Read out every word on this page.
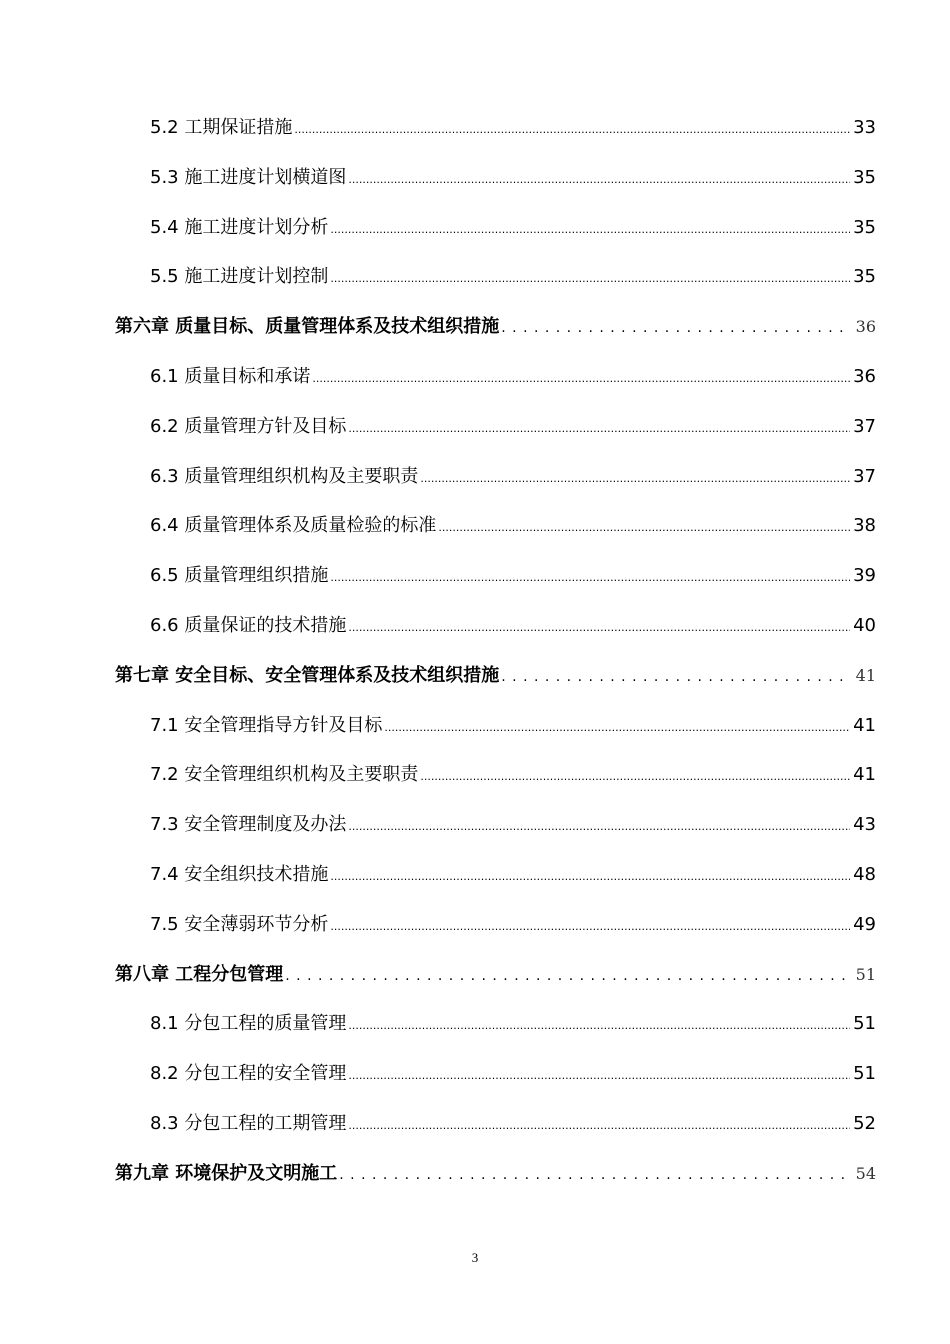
5.2 工期保证措施 .....	33
5.3 施工进度计划横道图 .....	35
5.4 施工进度计划分析 .....	35
5.5 施工进度计划控制 .....	35
第六章 质量目标、质量管理体系及技术组织措施 . . .	36
6.1 质量目标和承诺 .....	36
6.2 质量管理方针及目标 .....	37
6.3 质量管理组织机构及主要职责 .....	37
6.4 质量管理体系及质量检验的标准 .....	38
6.5 质量管理组织措施 .....	39
6.6 质量保证的技术措施 .....	40
第七章 安全目标、安全管理体系及技术组织措施 . . .	41
7.1 安全管理指导方针及目标 .....	41
7.2 安全管理组织机构及主要职责 .....	41
7.3 安全管理制度及办法 .....	43
7.4 安全组织技术措施 .....	48
7.5 安全薄弱环节分析 .....	49
第八章 工程分包管理 . . .	51
8.1 分包工程的质量管理 .....	51
8.2 分包工程的安全管理 .....	51
8.3 分包工程的工期管理 .....	52
第九章 环境保护及文明施工 . . .	54
3
